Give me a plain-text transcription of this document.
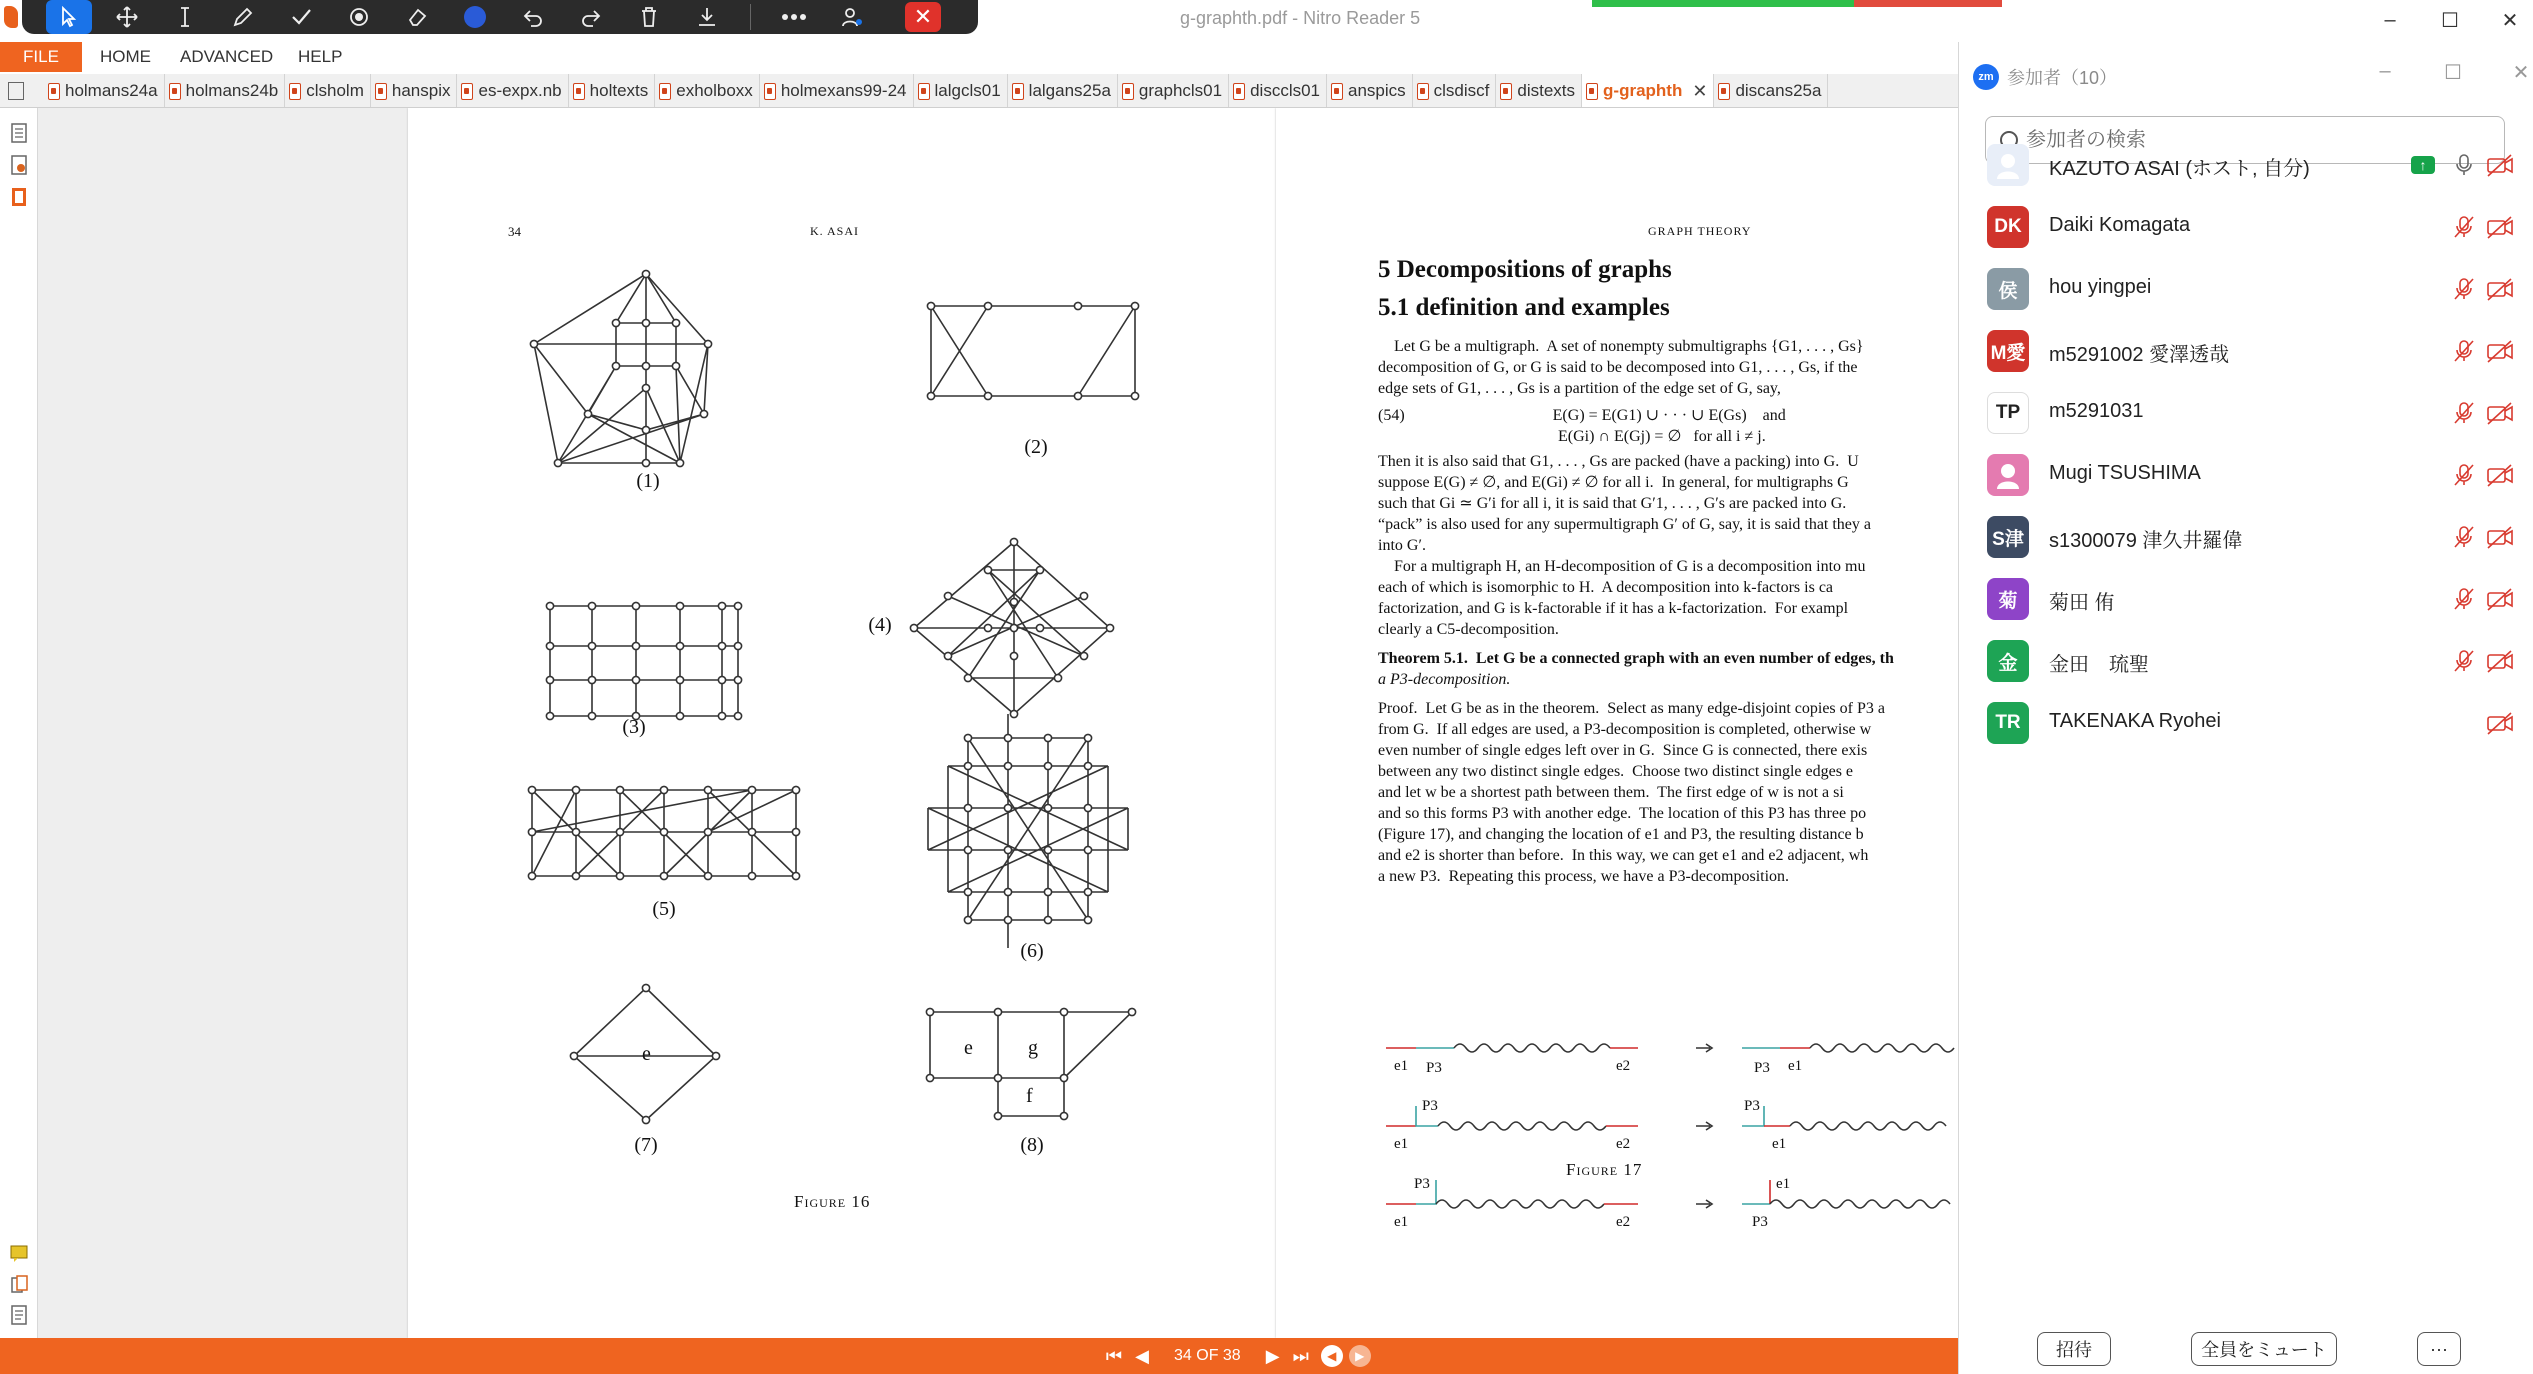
g-graphth.pdf - Nitro Reader 5	–	☐	✕
✕
FILE	HOME ADVANCED HELP
holmans24a holmans24b clsholm hanspix es-expx.nb holtexts exholboxx holmexans99-24 lalgcls01 lalgans25a graphcls01 disccls01 anspics clsdiscf distexts g-graphth ✕ discans25a
34	K. ASAI
e	e	g
f
(1)
(2)
(3)
(4)
(5)
(6)
(7)	(8)
Figure 16
GRAPH THEORY
5 Decompositions of graphs
5.1 definition and examples
Let G be a multigraph.  A set of nonempty submultigraphs {G1, . . . , Gs}
decomposition of G, or G is said to be decomposed into G1, . . . , Gs, if the
edge sets of G1, . . . , Gs is a partition of the edge set of G, say,
(54)                                     E(G) = E(G1) ∪ · · · ∪ E(Gs)    and
E(Gi) ∩ E(Gj) = ∅   for all i ≠ j.
Then it is also said that G1, . . . , Gs are packed (have a packing) into G.  U
suppose E(G) ≠ ∅, and E(Gi) ≠ ∅ for all i.  In general, for multigraphs G
such that Gi ≃ G′i for all i, it is said that G′1, . . . , G′s are packed into G.
“pack” is also used for any supermultigraph G′ of G, say, it is said that they a
into G′.
For a multigraph H, an H-decomposition of G is a decomposition into mu
each of which is isomorphic to H.  A decomposition into k-factors is ca
factorization, and G is k-factorable if it has a k-factorization.  For exampl
clearly a C5-decomposition.
Theorem 5.1.  Let G be a connected graph with an even number of edges, th
a P3-decomposition.
Proof.  Let G be as in the theorem.  Select as many edge-disjoint copies of P3 a
from G.  If all edges are used, a P3-decomposition is completed, otherwise w
even number of single edges left over in G.  Since G is connected, there exis
between any two distinct single edges.  Choose two distinct single edges e
and let w be a shortest path between them.  The first edge of w is not a si
and so this forms P3 with another edge.  The location of this P3 has three po
(Figure 17), and changing the location of e1 and P3, the resulting distance b
and e2 is shorter than before.  In this way, we can get e1 and e2 adjacent, wh
a new P3.  Repeating this process, we have a P3-decomposition.
e1 P3	e2	P3 e1
e1
P3
e2
P3
e1
e1
P3
e2
e1
P3
Figure 17
⏮ ◀	34 OF 38	▶ ⏭	◀	▶
zm 参加者（10）	–	☐	✕
参加者の検索
KAZUTO ASAI (ホスト, 自分)	↑
DK	Daiki Komagata
侯	hou yingpei
M愛 m5291002 愛澤透哉
TP	m5291031
Mugi TSUSHIMA
S津 s1300079 津久井羅偉
菊	菊田 侑
金	金田　琉聖
TR	TAKENAKA Ryohei
招待	全員をミュート	···
